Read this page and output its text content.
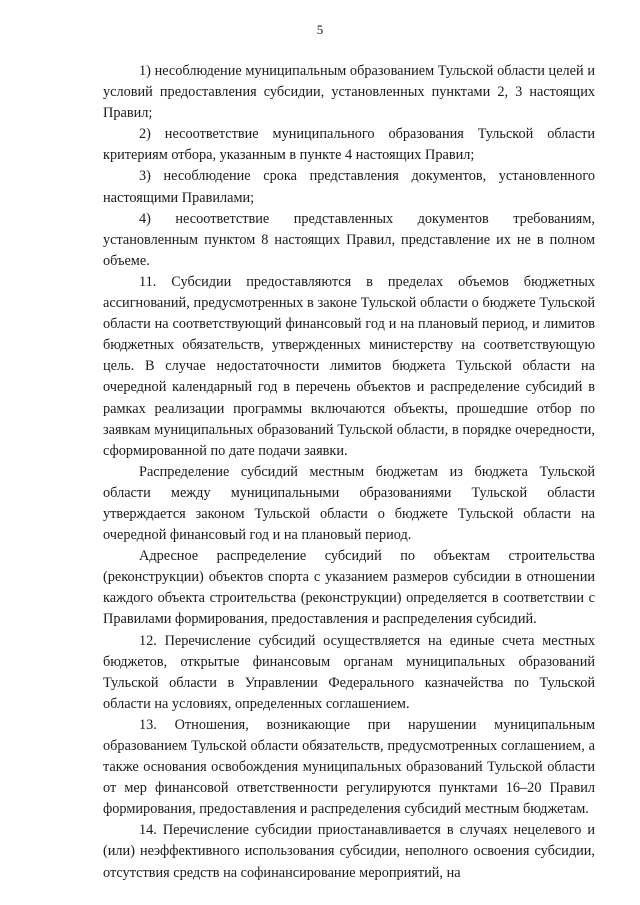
5

1) несоблюдение муниципальным образованием Тульской области целей и условий предоставления субсидии, установленных пунктами 2, 3 настоящих Правил;

2) несоответствие муниципального образования Тульской области критериям отбора, указанным в пункте 4 настоящих Правил;

3) несоблюдение срока представления документов, установленного настоящими Правилами;

4) несоответствие представленных документов требованиям, установленным пунктом 8 настоящих Правил, представление их не в полном объеме.

11. Субсидии предоставляются в пределах объемов бюджетных ассигнований, предусмотренных в законе Тульской области о бюджете Тульской области на соответствующий финансовый год и на плановый период, и лимитов бюджетных обязательств, утвержденных министерству на соответствующую цель. В случае недостаточности лимитов бюджета Тульской области на очередной календарный год в перечень объектов и распределение субсидий в рамках реализации программы включаются объекты, прошедшие отбор по заявкам муниципальных образований Тульской области, в порядке очередности, сформированной по дате подачи заявки.

Распределение субсидий местным бюджетам из бюджета Тульской области между муниципальными образованиями Тульской области утверждается законом Тульской области о бюджете Тульской области на очередной финансовый год и на плановый период.

Адресное распределение субсидий по объектам строительства (реконструкции) объектов спорта с указанием размеров субсидии в отношении каждого объекта строительства (реконструкции) определяется в соответствии с Правилами формирования, предоставления и распределения субсидий.

12. Перечисление субсидий осуществляется на единые счета местных бюджетов, открытые финансовым органам муниципальных образований Тульской области в Управлении Федерального казначейства по Тульской области на условиях, определенных соглашением.

13. Отношения, возникающие при нарушении муниципальным образованием Тульской области обязательств, предусмотренных соглашением, а также основания освобождения муниципальных образований Тульской области от мер финансовой ответственности регулируются пунктами 16–20 Правил формирования, предоставления и распределения субсидий местным бюджетам.

14. Перечисление субсидии приостанавливается в случаях нецелевого и (или) неэффективного использования субсидии, неполного освоения субсидии, отсутствия средств на софинансирование мероприятий, на
